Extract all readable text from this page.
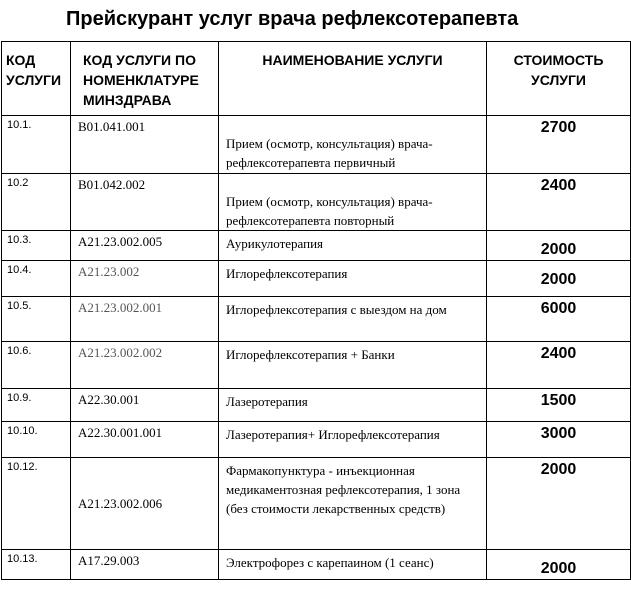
Прейскурант услуг врача рефлексотерапевта
КОД УСЛУГИ	КОД УСЛУГИ ПО НОМЕНКЛАТУРЕ МИНЗДРАВА	НАИМЕНОВАНИЕ УСЛУГИ	СТОИМОСТЬ УСЛУГИ
10.1.	B01.041.001	Прием (осмотр, консультация) врача-рефлексотерапевта первичный	2700
10.2	B01.042.002	Прием (осмотр, консультация) врача-рефлексотерапевта повторный	2400
10.3.	A21.23.002.005	Аурикулотерапия	2000
10.4.	A21.23.002	Иглорефлексотерапия	2000
10.5.	A21.23.002.001	Иглорефлексотерапия с выездом на дом	6000
10.6.	A21.23.002.002	Иглорефлексотерапия + Банки	2400
10.9.	A22.30.001	Лазеротерапия	1500
10.10.	A22.30.001.001	Лазеротерапия+ Иглорефлексотерапия	3000
10.12.	A21.23.002.006	Фармакопунктура - инъекционная медикаментозная рефлексотерапия, 1 зона (без стоимости лекарственных средств)	2000
10.13.	A17.29.003	Электрофорез с карепаином (1 сеанс)	2000
